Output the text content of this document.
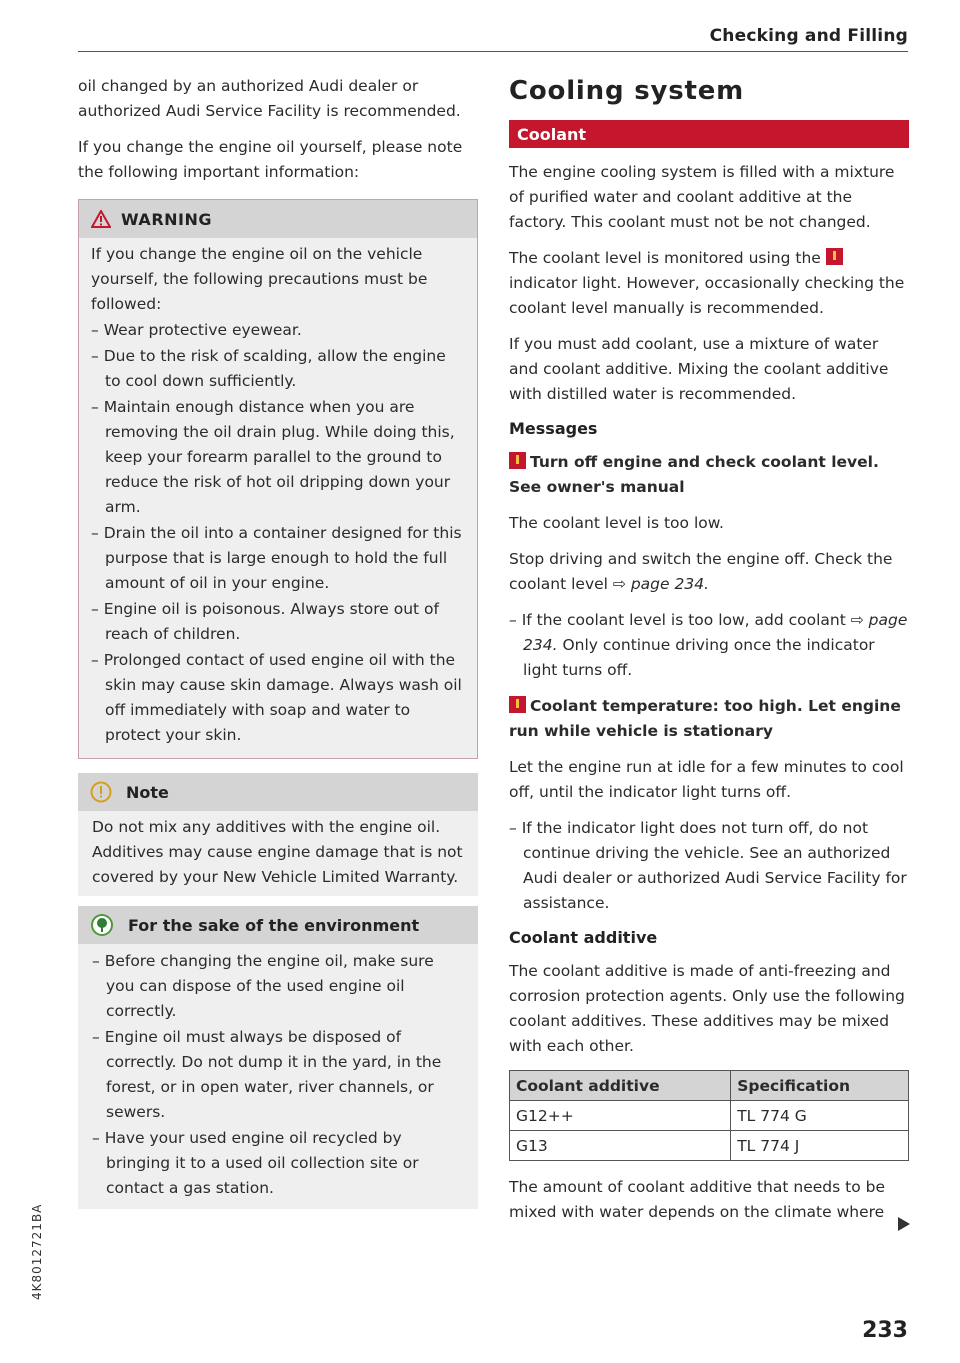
Checking and Filling

oil changed by an authorized Audi dealer or authorized Audi Service Facility is recommended.

If you change the engine oil yourself, please note the following important information:

WARNING

If you change the engine oil on the vehicle yourself, the following precautions must be followed:

– Wear protective eyewear.
– Due to the risk of scalding, allow the engine to cool down sufficiently.
– Maintain enough distance when you are removing the oil drain plug. While doing this, keep your forearm parallel to the ground to reduce the risk of hot oil dripping down your arm.
– Drain the oil into a container designed for this purpose that is large enough to hold the full amount of oil in your engine.
– Engine oil is poisonous. Always store out of reach of children.
– Prolonged contact of used engine oil with the skin may cause skin damage. Always wash oil off immediately with soap and water to protect your skin.
Note

Do not mix any additives with the engine oil. Additives may cause engine damage that is not covered by your New Vehicle Limited Warranty.

For the sake of the environment
– Before changing the engine oil, make sure you can dispose of the used engine oil correctly.
– Engine oil must always be disposed of correctly. Do not dump it in the yard, in the forest, or in open water, river channels, or sewers.
– Have your used engine oil recycled by bringing it to a used oil collection site or contact a gas station.
Cooling system
Coolant

The engine cooling system is filled with a mixture of purified water and coolant additive at the factory. This coolant must not be not changed.

The coolant level is monitored using the indicator light. However, occasionally checking the coolant level manually is recommended.

If you must add coolant, use a mixture of water and coolant additive. Mixing the coolant additive with distilled water is recommended.

Messages
Turn off engine and check coolant level. See owner's manual

The coolant level is too low.

Stop driving and switch the engine off. Check the coolant level ⇨ page 234.

– If the coolant level is too low, add coolant ⇨ page 234. Only continue driving once the indicator light turns off.
Coolant temperature: too high. Let engine run while vehicle is stationary

Let the engine run at idle for a few minutes to cool off, until the indicator light turns off.

– If the indicator light does not turn off, do not continue driving the vehicle. See an authorized Audi dealer or authorized Audi Service Facility for assistance.
Coolant additive

The coolant additive is made of anti-freezing and corrosion protection agents. Only use the following coolant additives. These additives may be mixed with each other.

Coolant additive	Specification
G12++	TL 774 G
G13	TL 774 J

The amount of coolant additive that needs to be mixed with water depends on the climate where

233
4K8012721BA
